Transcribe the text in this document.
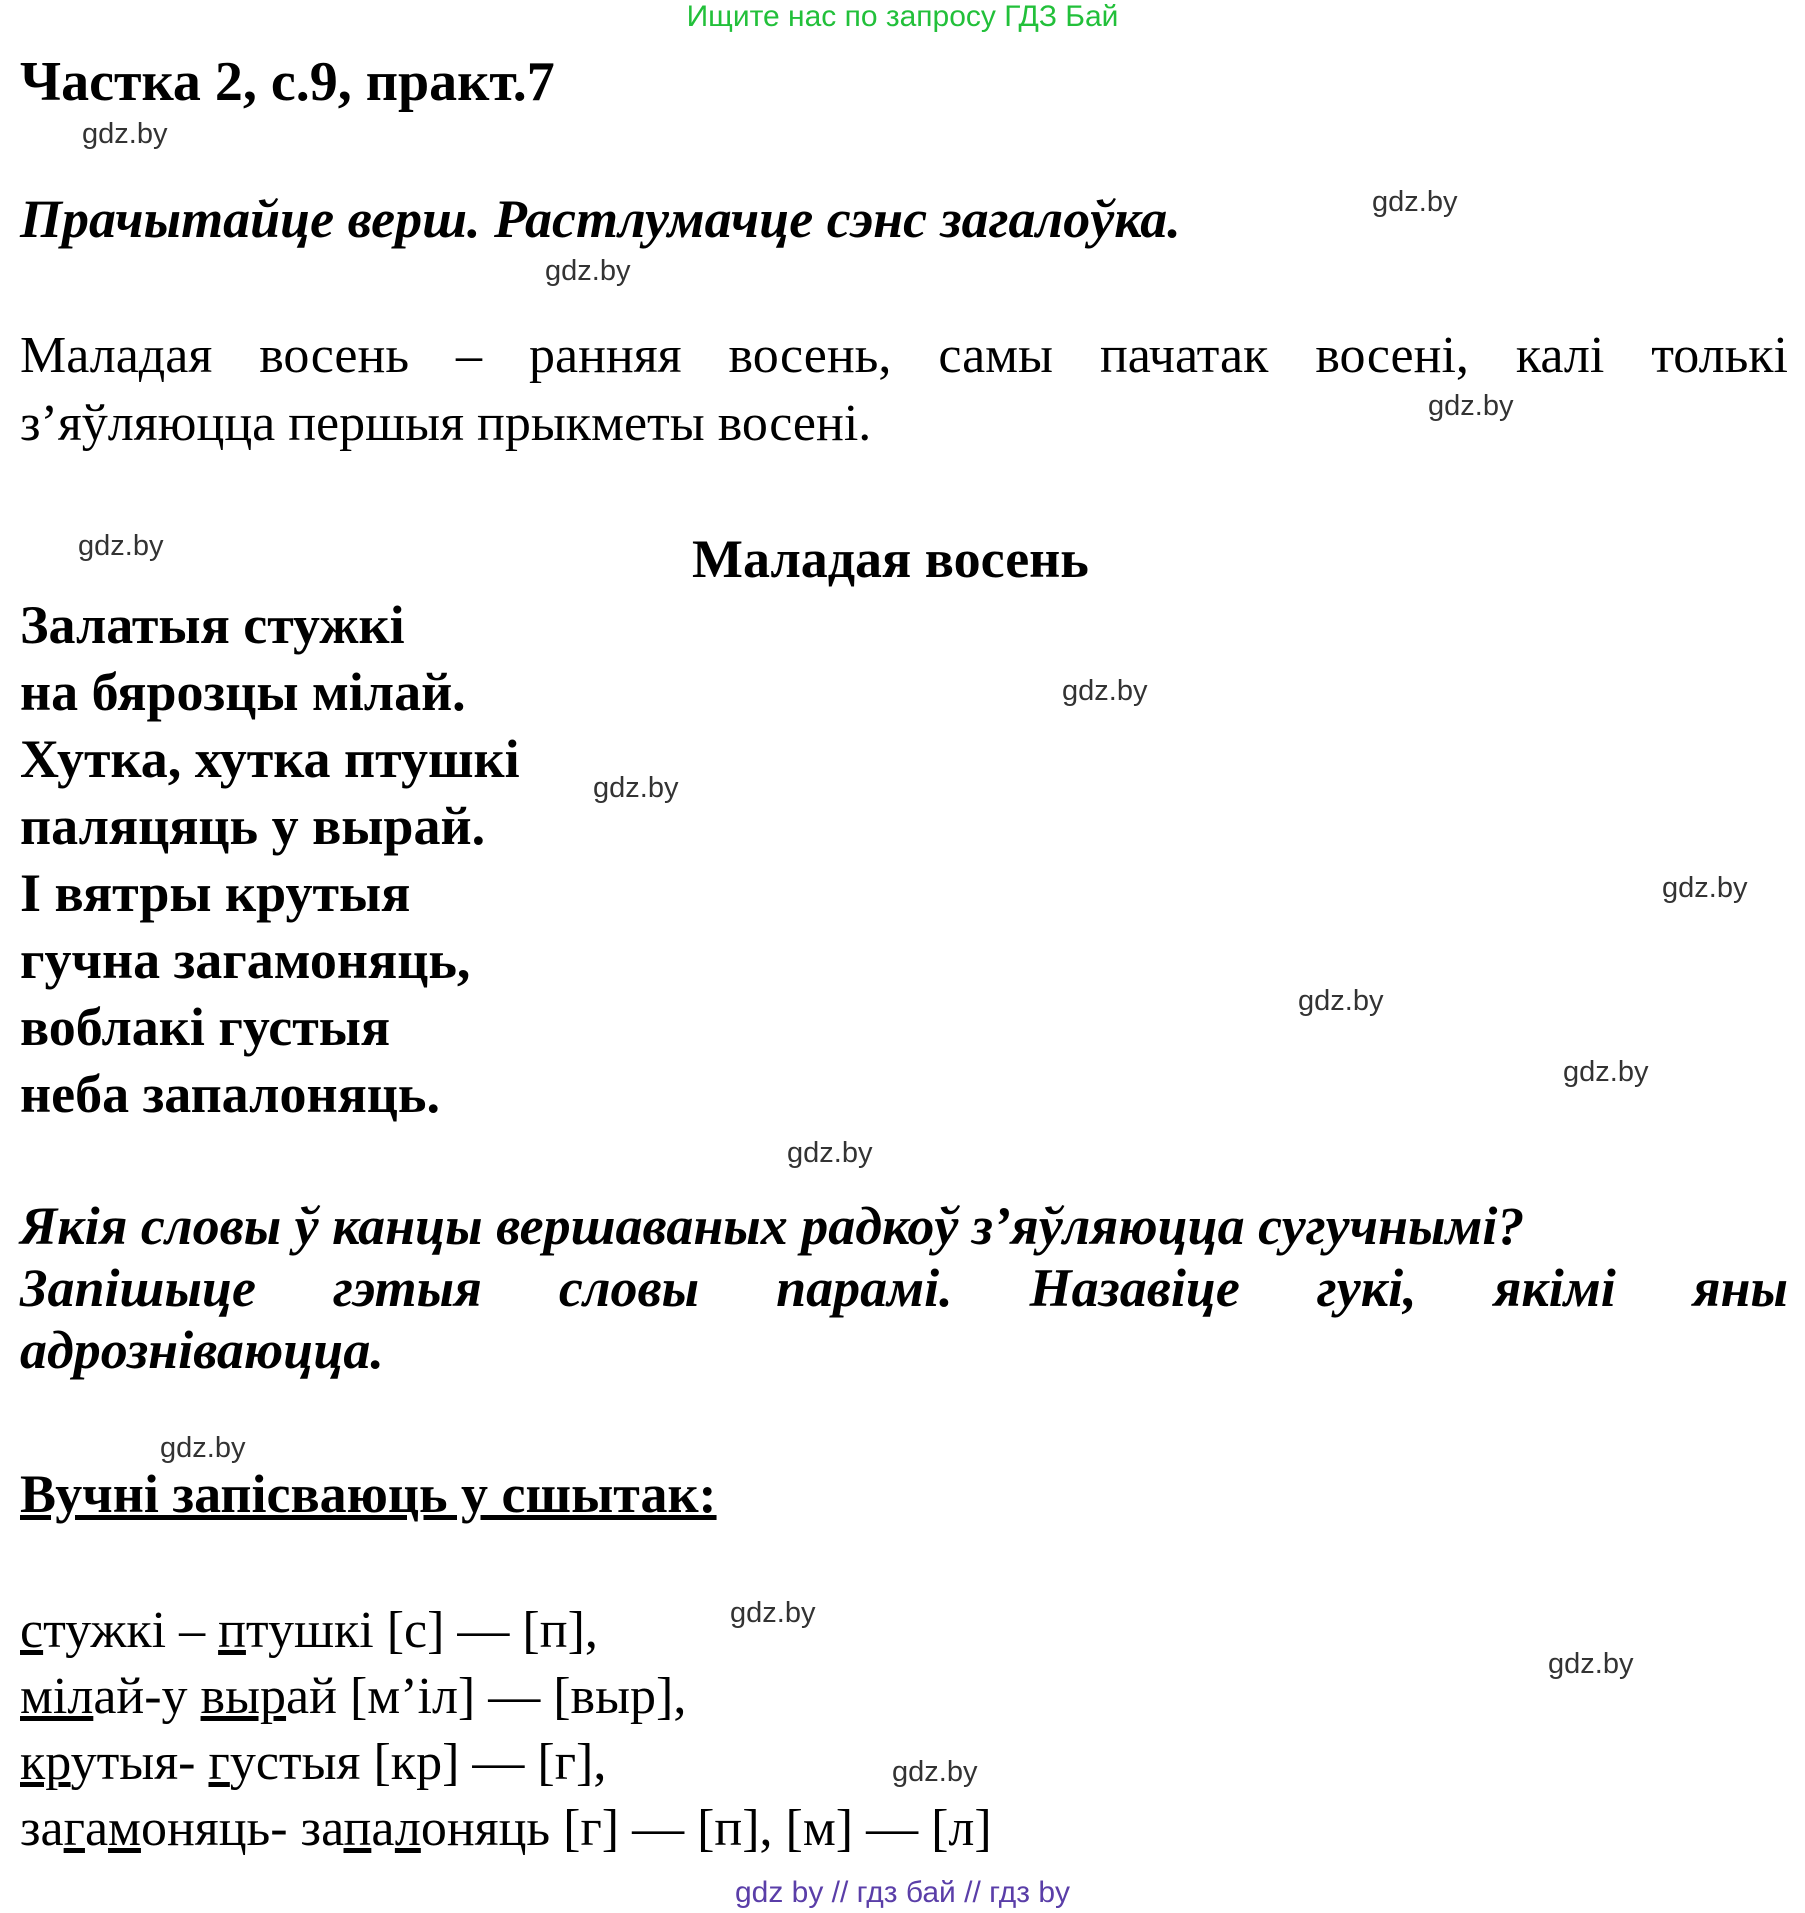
Ищите нас по запросу ГДЗ Бай
Частка 2, с.9, практ.7
Прачытайце верш. Растлумачце сэнс загалоўка.
Маладая восень – ранняя восень, самы пачатак восені, калі толькі
з’яўляюцца першыя прыкметы восені.
Маладая восень
Залатыя стужкі
на бярозцы мілай.
Хутка, хутка птушкі
паляцяць у вырай.
І вятры крутыя
гучна загамоняць,
воблакі густыя
неба запалоняць.
Якія словы ў канцы вершаваных радкоў з’яўляюцца сугучнымі?
Запішыце гэтыя словы парамі. Назавіце гукі, якімі яны
адрозніваюцца.
Вучні запісваюць у сшытак:
стужкі – птушкі [с] — [п],
мілай-у вырай [м’іл] — [выр],
крутыя- густыя [кр] — [г],
загамоняць- запалоняць [г] — [п], [м] — [л]
gdz.by
gdz.by
gdz.by
gdz.by
gdz.by
gdz.by
gdz.by
gdz.by
gdz.by
gdz.by
gdz.by
gdz.by
gdz.by
gdz.by
gdz.by
gdz by // гдз бай // гдз by
